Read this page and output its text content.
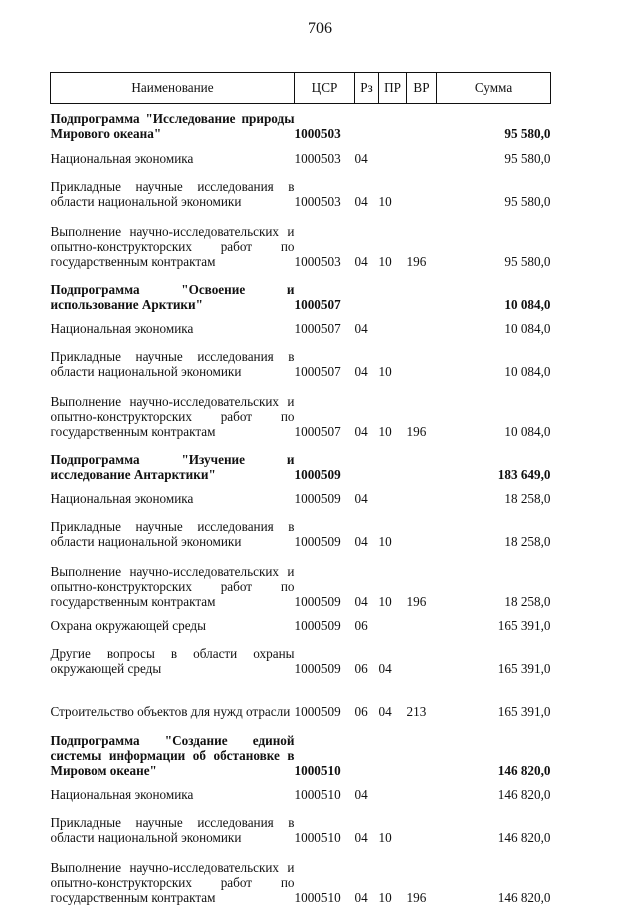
706
Наименование	ЦСР	Рз	ПР	ВР	Сумма
Подпрограмма "Исследование природы Мирового океана"	1000503				95 580,0
Национальная экономика	1000503	04			95 580,0
Прикладные научные исследования в области национальной экономики	1000503	04	10		95 580,0
Выполнение научно-исследовательских и опытно-конструкторских работ по государственным контрактам	1000503	04	10	196	95 580,0
Подпрограмма "Освоение и использование Арктики"	1000507				10 084,0
Национальная экономика	1000507	04			10 084,0
Прикладные научные исследования в области национальной экономики	1000507	04	10		10 084,0
Выполнение научно-исследовательских и опытно-конструкторских работ по государственным контрактам	1000507	04	10	196	10 084,0
Подпрограмма "Изучение и исследование Антарктики"	1000509				183 649,0
Национальная экономика	1000509	04			18 258,0
Прикладные научные исследования в области национальной экономики	1000509	04	10		18 258,0
Выполнение научно-исследовательских и опытно-конструкторских работ по государственным контрактам	1000509	04	10	196	18 258,0
Охрана окружающей среды	1000509	06			165 391,0
Другие вопросы в области охраны окружающей среды	1000509	06	04		165 391,0
Строительство объектов для нужд отрасли	1000509	06	04	213	165 391,0
Подпрограмма "Создание единой системы информации об обстановке в Мировом океане"	1000510				146 820,0
Национальная экономика	1000510	04			146 820,0
Прикладные научные исследования в области национальной экономики	1000510	04	10		146 820,0
Выполнение научно-исследовательских и опытно-конструкторских работ по государственным контрактам	1000510	04	10	196	146 820,0
